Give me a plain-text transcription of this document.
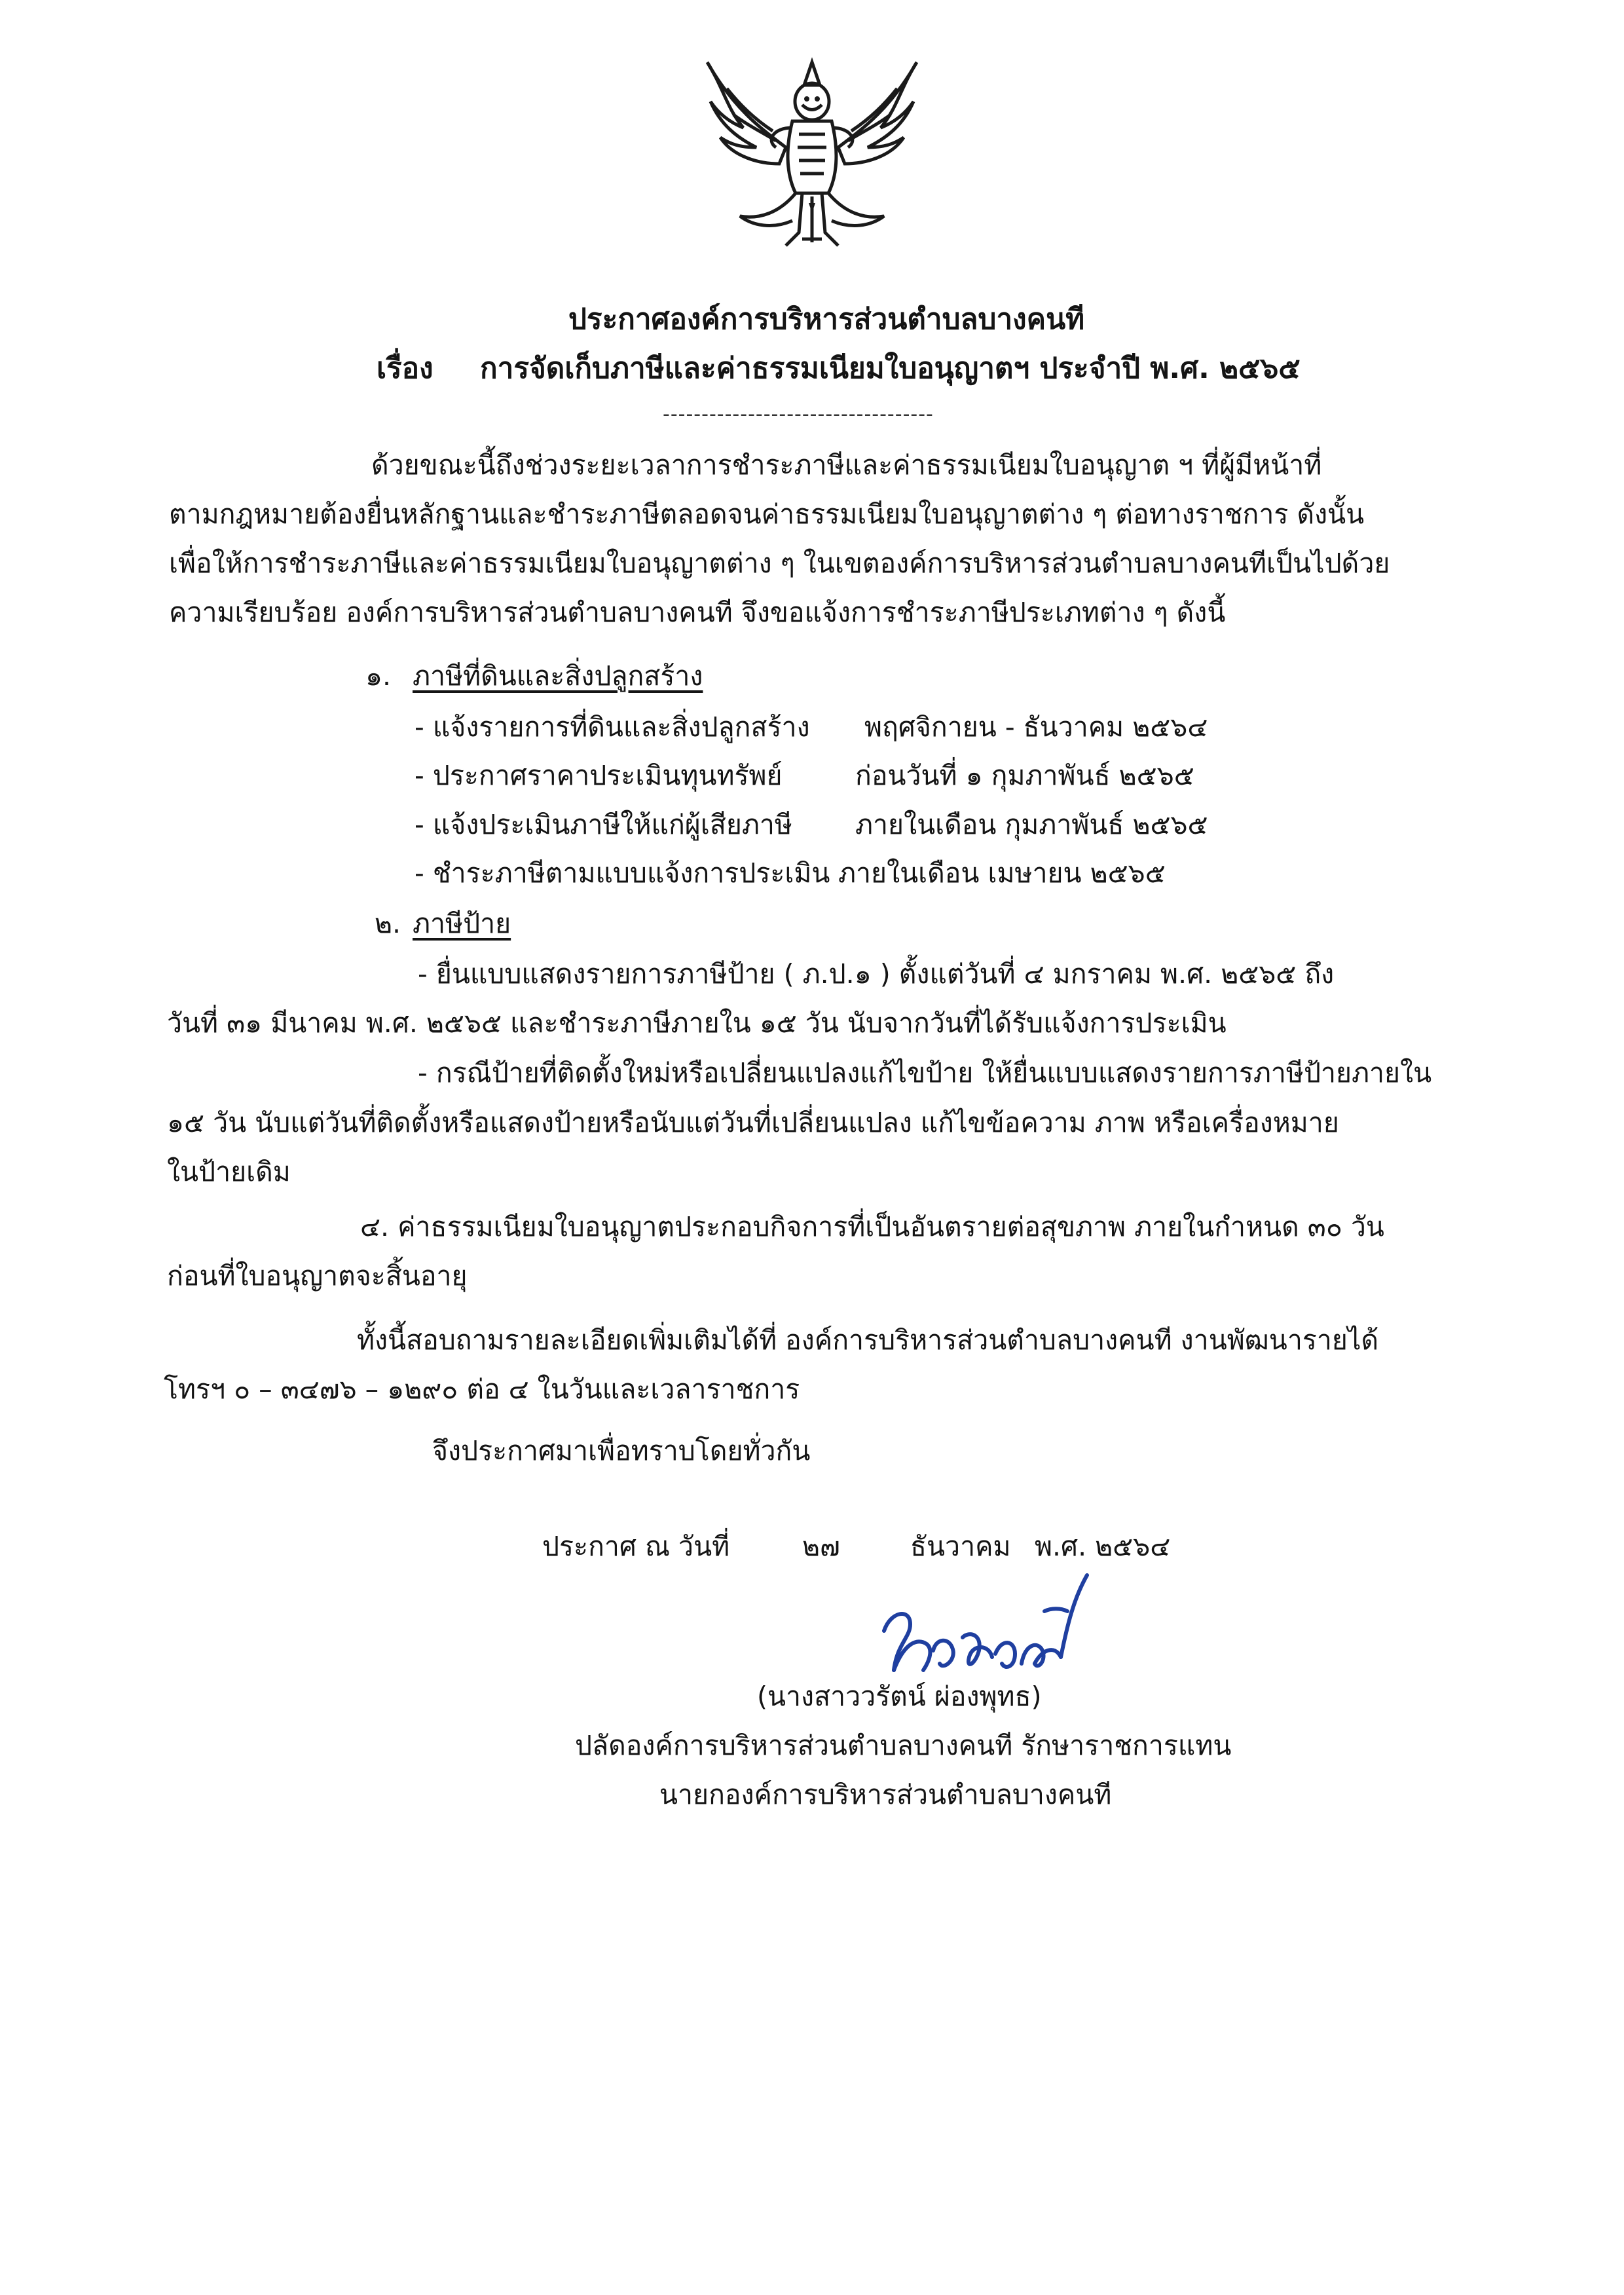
ประกาศองค์การบริหารส่วนตำบลบางคนที
เรื่อง การจัดเก็บภาษีและค่าธรรมเนียมใบอนุญาตฯ ประจำปี พ.ศ. ๒๕๖๕
-----------------------------------
ด้วยขณะนี้ถึงช่วงระยะเวลาการชำระภาษีและค่าธรรมเนียมใบอนุญาต ฯ ที่ผู้มีหน้าที่
ตามกฎหมายต้องยื่นหลักฐานและชำระภาษีตลอดจนค่าธรรมเนียมใบอนุญาตต่าง ๆ ต่อทางราชการ ดังนั้น
เพื่อให้การชำระภาษีและค่าธรรมเนียมใบอนุญาตต่าง ๆ ในเขตองค์การบริหารส่วนตำบลบางคนทีเป็นไปด้วย
ความเรียบร้อย องค์การบริหารส่วนตำบลบางคนที จึงขอแจ้งการชำระภาษีประเภทต่าง ๆ ดังนี้
๑. ภาษีที่ดินและสิ่งปลูกสร้าง
- แจ้งรายการที่ดินและสิ่งปลูกสร้าง พฤศจิกายน - ธันวาคม ๒๕๖๔
- ประกาศราคาประเมินทุนทรัพย์	ก่อนวันที่ ๑ กุมภาพันธ์ ๒๕๖๕
- แจ้งประเมินภาษีให้แก่ผู้เสียภาษี ภายในเดือน กุมภาพันธ์ ๒๕๖๕
- ชำระภาษีตามแบบแจ้งการประเมิน ภายในเดือน เมษายน ๒๕๖๕
๒. ภาษีป้าย
- ยื่นแบบแสดงรายการภาษีป้าย ( ภ.ป.๑ ) ตั้งแต่วันที่ ๔ มกราคม พ.ศ. ๒๕๖๕ ถึง
วันที่ ๓๑ มีนาคม พ.ศ. ๒๕๖๕ และชำระภาษีภายใน ๑๕ วัน นับจากวันที่ได้รับแจ้งการประเมิน
- กรณีป้ายที่ติดตั้งใหม่หรือเปลี่ยนแปลงแก้ไขป้าย ให้ยื่นแบบแสดงรายการภาษีป้ายภายใน
๑๕ วัน นับแต่วันที่ติดตั้งหรือแสดงป้ายหรือนับแต่วันที่เปลี่ยนแปลง แก้ไขข้อความ ภาพ หรือเครื่องหมาย
ในป้ายเดิม
๔. ค่าธรรมเนียมใบอนุญาตประกอบกิจการที่เป็นอันตรายต่อสุขภาพ ภายในกำหนด ๓๐ วัน
ก่อนที่ใบอนุญาตจะสิ้นอายุ
ทั้งนี้สอบถามรายละเอียดเพิ่มเติมได้ที่ องค์การบริหารส่วนตำบลบางคนที งานพัฒนารายได้
โทรฯ ๐ – ๓๔๗๖ – ๑๒๙๐ ต่อ ๔ ในวันและเวลาราชการ
จึงประกาศมาเพื่อทราบโดยทั่วกัน
ประกาศ ณ วันที่	๒๗	ธันวาคม พ.ศ. ๒๕๖๔
(นางสาววรัตน์ ผ่องพุทธ)
ปลัดองค์การบริหารส่วนตำบลบางคนที รักษาราชการแทน
นายกองค์การบริหารส่วนตำบลบางคนที
